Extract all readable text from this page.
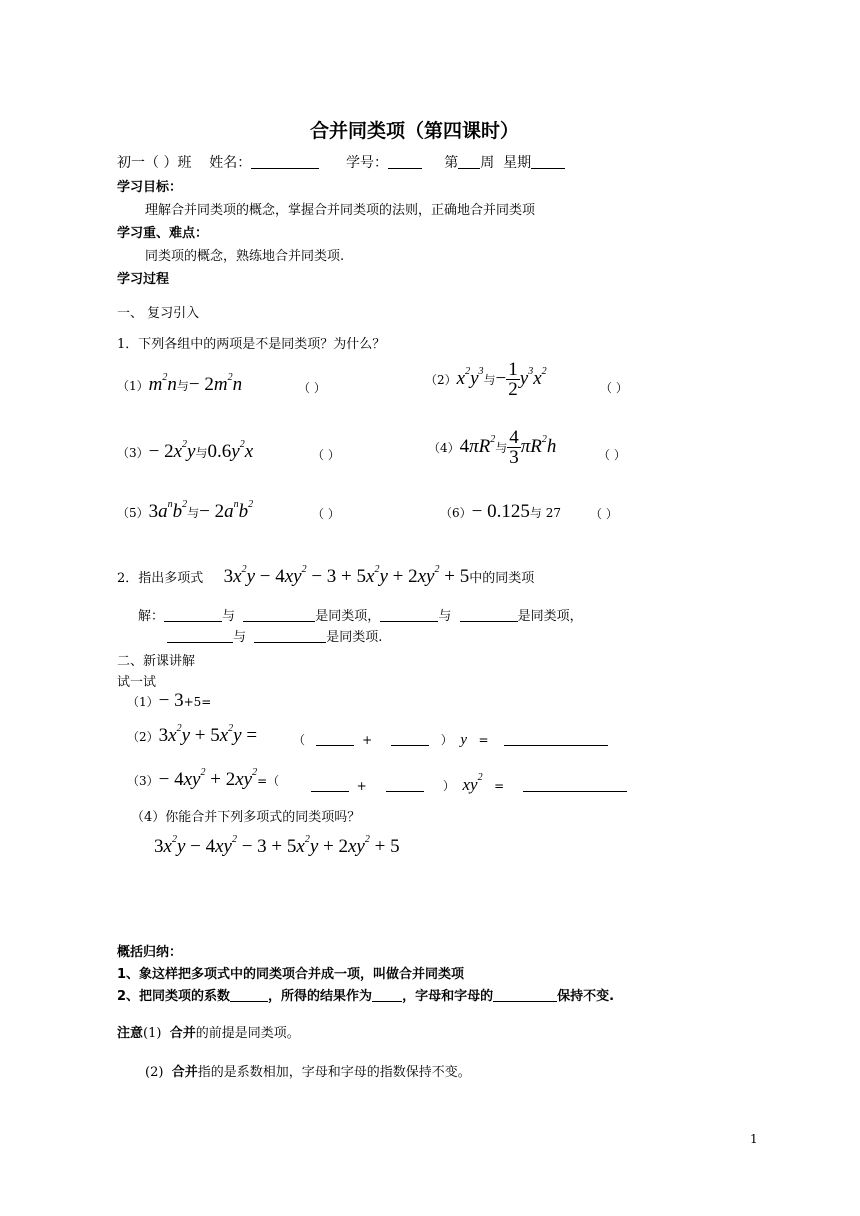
合并同类项（第四课时）
初一（ ）班 姓名：	学号：	第 周 星期
学习目标：
理解合并同类项的概念，掌握合并同类项的法则，正确地合并同类项
学习重、难点：
同类项的概念，熟练地合并同类项.
学习过程
一、 复习引入
1．下列各组中的两项是不是同类项？为什么？
$(1)m^2n$与− $2m^2n$	（ ）
$(2)x^2y^3$与− $\frac{1}{2} y^3x^2$
（ ）
$(3)- 2x^2y$与$0.6y^2x$	（ ）	$(4)4\pi R^2$与 $\frac{4}{3} \pi R^2h$	（ ）
$(5)3a^nb^2$与− $2a^nb^2$
（ ）	（6）− 0.125与 27 （ ）
2．指出多项式 $3x^2y - 4xy^2 - 3 + 5x^2y + 2xy^2 + 5$中的同类项
解：	与	是同类项，	与	是同类项，
与	是同类项.
二、新课讲解
试一试
（1）− 3+5=
$(2)3x^2y + 5x^2y$ =	（	+	） y =
$(3)- 4xy^2 + 2xy^2=$（	+	） $xy^2$   =
（4）你能合并下列多项式的同类项吗？
$3x^2y - 4xy^2 - 3 + 5x^2y + 2xy^2 + 5$
概括归纳：
1、象这样把多项式中的同类项合并成一项，叫做合并同类项
2、把同类项的系数	，所得的结果作为 ，字母和字母的	保持不变.
注意(1) 合并的前提是同类项。
(2) 合并指的是系数相加，字母和字母的指数保持不变。
1
